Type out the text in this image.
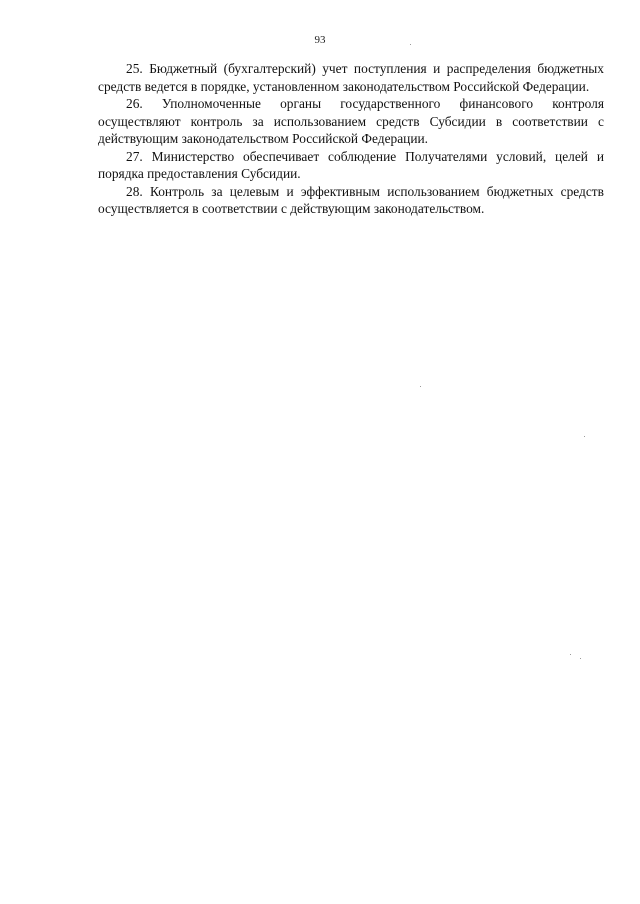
93

25. Бюджетный (бухгалтерский) учет поступления и распределения бюджетных средств ведется в порядке, установленном законодательством Российской Федерации.

26. Уполномоченные органы государственного финансового контроля осуществляют контроль за использованием средств Субсидии в соответствии с действующим законодательством Российской Федерации.

27. Министерство обеспечивает соблюдение Получателями условий, целей и порядка предоставления Субсидии.

28. Контроль за целевым и эффективным использованием бюджетных средств осуществляется в соответствии с действующим законодательством.
